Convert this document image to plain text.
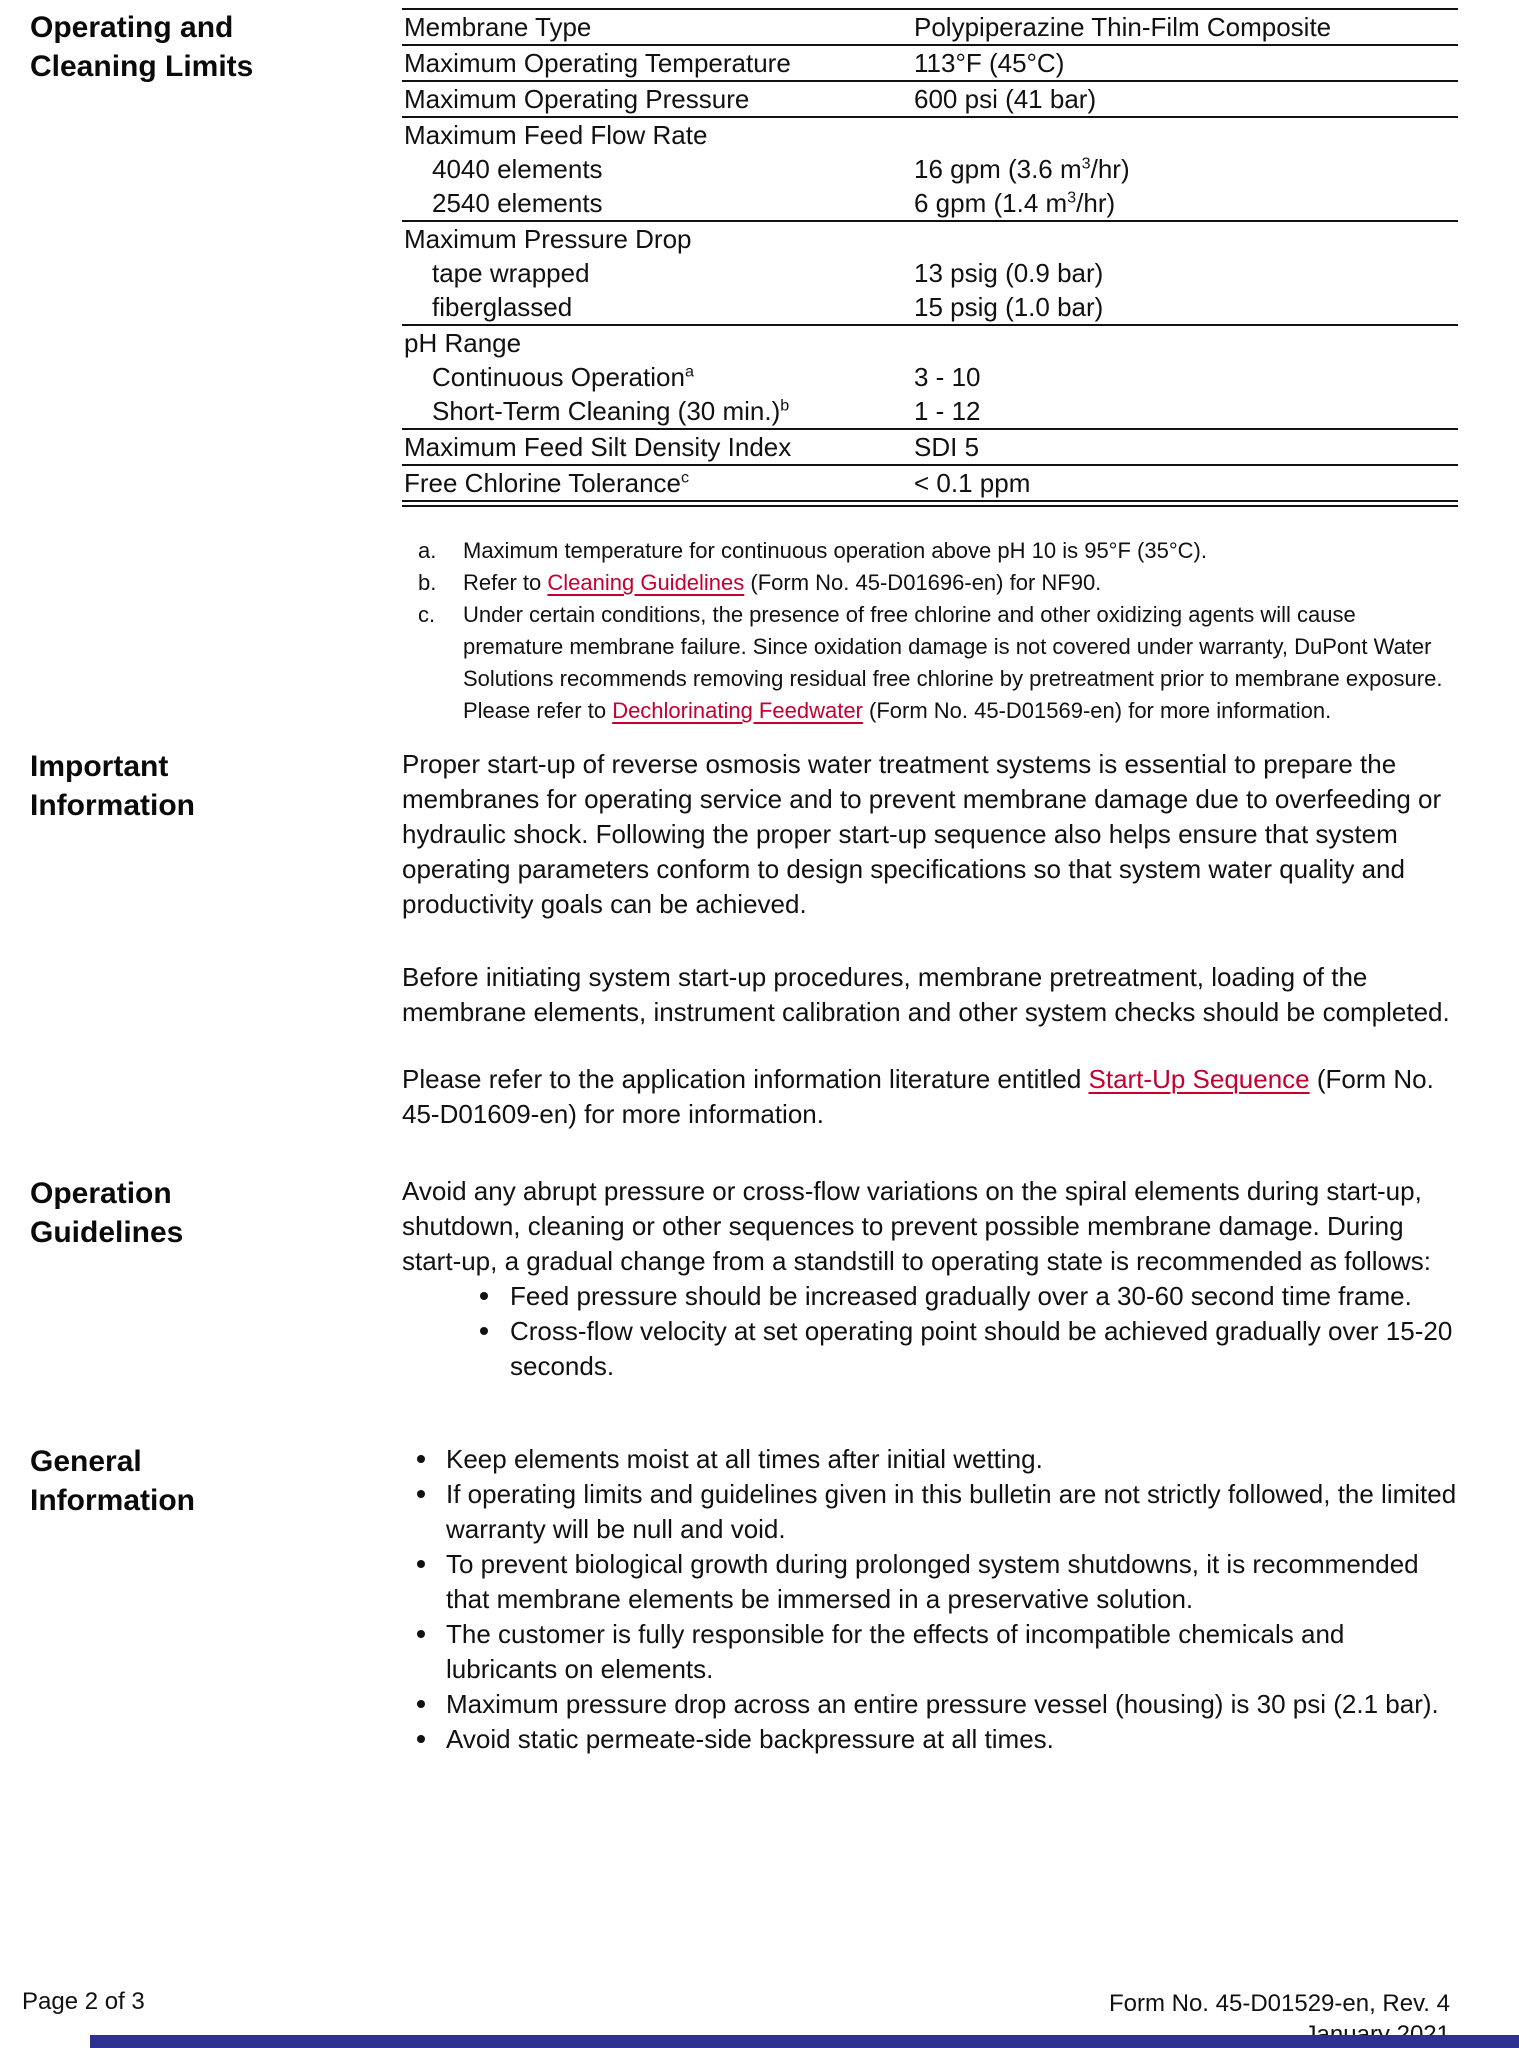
Operating and Cleaning Limits
Membrane Type	Polypiperazine Thin-Film Composite
Maximum Operating Temperature	113°F (45°C)
Maximum Operating Pressure	600 psi (41 bar)
Maximum Feed Flow Rate
4040 elements	16 gpm (3.6 $m^3/hr$)
2540 elements	6 gpm (1.4 $m^3/hr$)
Maximum Pressure Drop
tape wrapped	13 psig (0.9 bar)
fiberglassed	15 psig (1.0 bar)
pH Range
Continuous Operation$^a$	3 - 10
Short-Term Cleaning (30 min.)$^b$	1 - 12
Maximum Feed Silt Density Index	SDI 5
Free Chlorine Tolerance$^c$	< 0.1 ppm
a.	Maximum temperature for continuous operation above pH 10 is 95°F (35°C).
b.	Refer to Cleaning Guidelines (Form No. 45-D01696-en) for NF90.
c.	Under certain conditions, the presence of free chlorine and other oxidizing agents will cause premature membrane failure. Since oxidation damage is not covered under warranty, DuPont Water Solutions recommends removing residual free chlorine by pretreatment prior to membrane exposure. Please refer to Dechlorinating Feedwater (Form No. 45-D01569-en) for more information.
Important Information
Proper start-up of reverse osmosis water treatment systems is essential to prepare the membranes for operating service and to prevent membrane damage due to overfeeding or hydraulic shock. Following the proper start-up sequence also helps ensure that system operating parameters conform to design specifications so that system water quality and productivity goals can be achieved.
Before initiating system start-up procedures, membrane pretreatment, loading of the membrane elements, instrument calibration and other system checks should be completed.
Please refer to the application information literature entitled Start-Up Sequence (Form No. 45-D01609-en) for more information.
Operation Guidelines
Avoid any abrupt pressure or cross-flow variations on the spiral elements during start-up, shutdown, cleaning or other sequences to prevent possible membrane damage. During start-up, a gradual change from a standstill to operating state is recommended as follows:
Feed pressure should be increased gradually over a 30-60 second time frame.
Cross-flow velocity at set operating point should be achieved gradually over 15-20 seconds.
General Information
Keep elements moist at all times after initial wetting.
If operating limits and guidelines given in this bulletin are not strictly followed, the limited warranty will be null and void.
To prevent biological growth during prolonged system shutdowns, it is recommended that membrane elements be immersed in a preservative solution.
The customer is fully responsible for the effects of incompatible chemicals and lubricants on elements.
Maximum pressure drop across an entire pressure vessel (housing) is 30 psi (2.1 bar).
Avoid static permeate-side backpressure at all times.
Page 2 of 3	Form No. 45-D01529-en, Rev. 4
